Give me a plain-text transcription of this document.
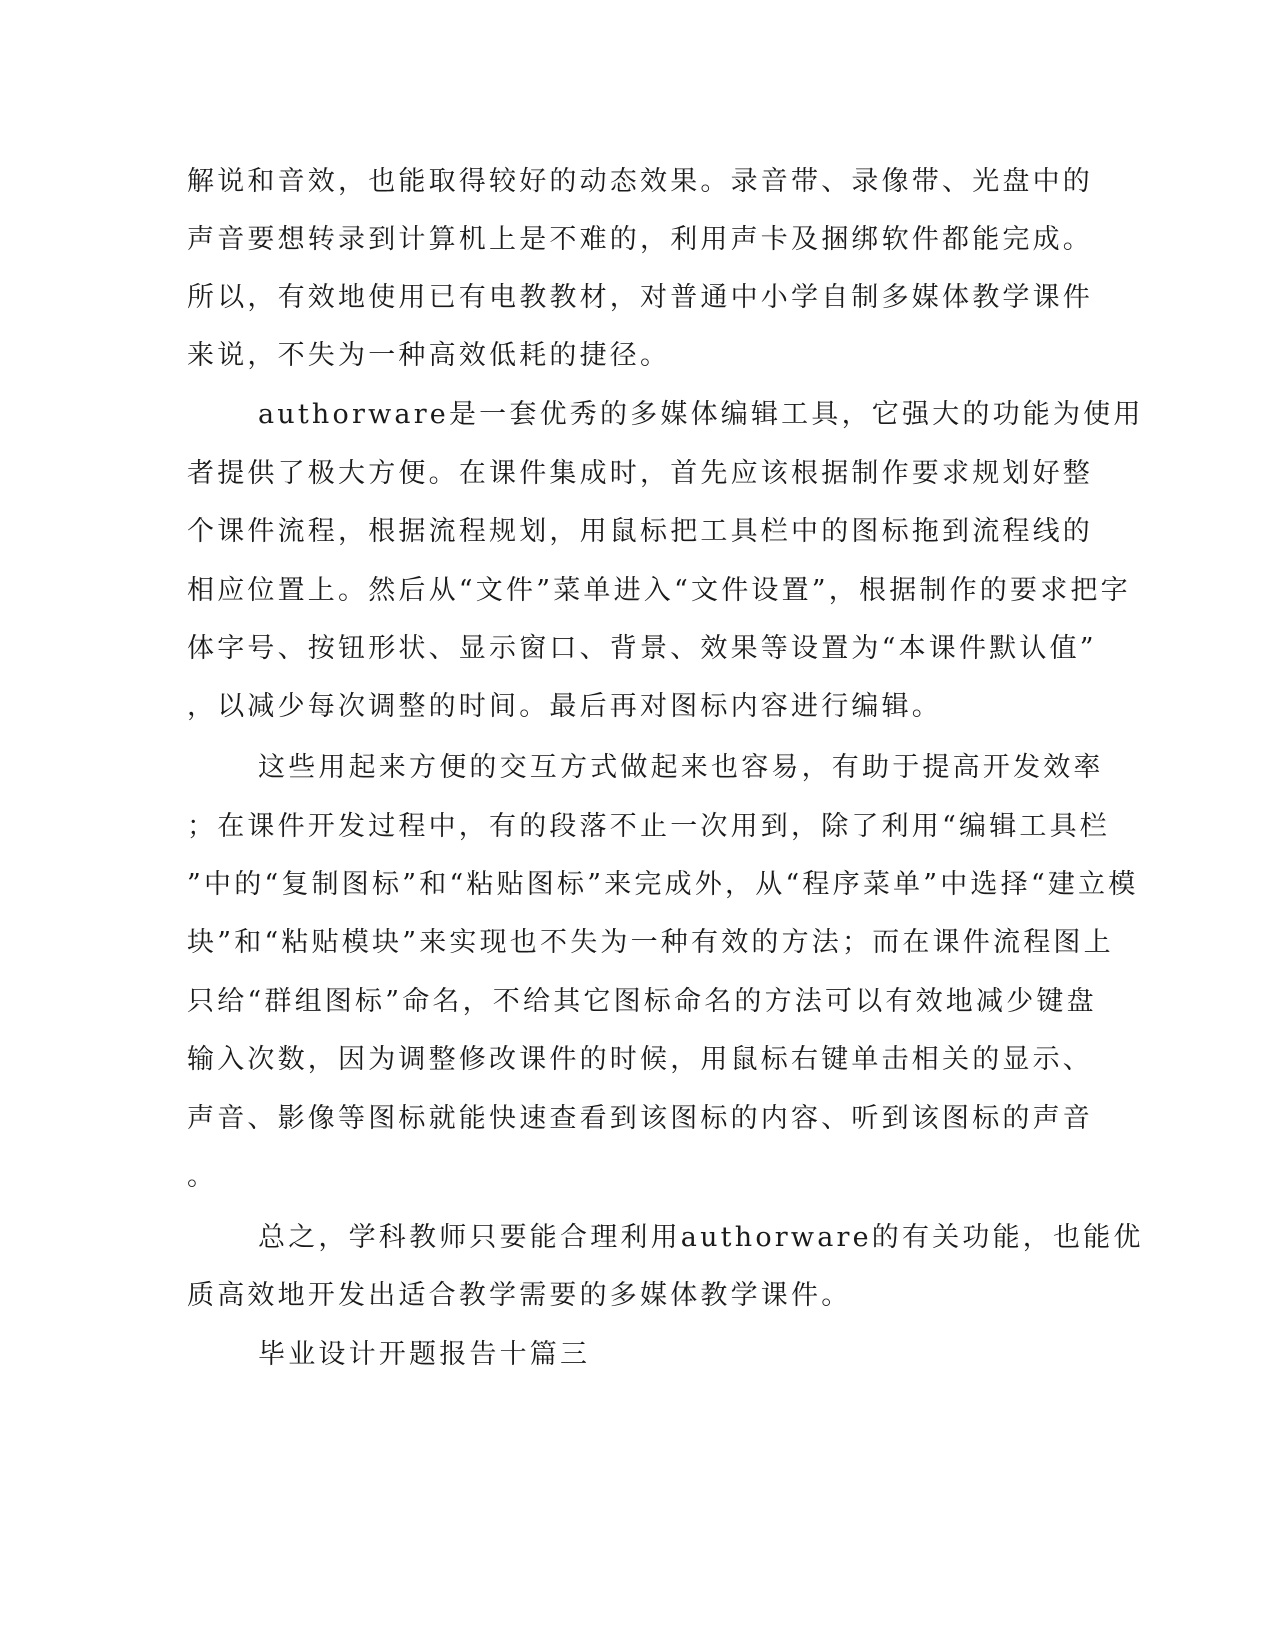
解说和音效，也能取得较好的动态效果。录音带、录像带、光盘中的
声音要想转录到计算机上是不难的，利用声卡及捆绑软件都能完成。
所以，有效地使用已有电教教材，对普通中小学自制多媒体教学课件
来说，不失为一种高效低耗的捷径。
authorware是一套优秀的多媒体编辑工具，它强大的功能为使用
者提供了极大方便。在课件集成时，首先应该根据制作要求规划好整
个课件流程，根据流程规划，用鼠标把工具栏中的图标拖到流程线的
相应位置上。然后从“文件”菜单进入“文件设置”，根据制作的要求把字
体字号、按钮形状、显示窗口、背景、效果等设置为“本课件默认值”
，以减少每次调整的时间。最后再对图标内容进行编辑。
这些用起来方便的交互方式做起来也容易，有助于提高开发效率
；在课件开发过程中，有的段落不止一次用到，除了利用“编辑工具栏
”中的“复制图标”和“粘贴图标”来完成外，从“程序菜单”中选择“建立模
块”和“粘贴模块”来实现也不失为一种有效的方法；而在课件流程图上
只给“群组图标”命名，不给其它图标命名的方法可以有效地减少键盘
输入次数，因为调整修改课件的时候，用鼠标右键单击相关的显示、
声音、影像等图标就能快速查看到该图标的内容、听到该图标的声音
。
总之，学科教师只要能合理利用authorware的有关功能，也能优
质高效地开发出适合教学需要的多媒体教学课件。
毕业设计开题报告十篇三
